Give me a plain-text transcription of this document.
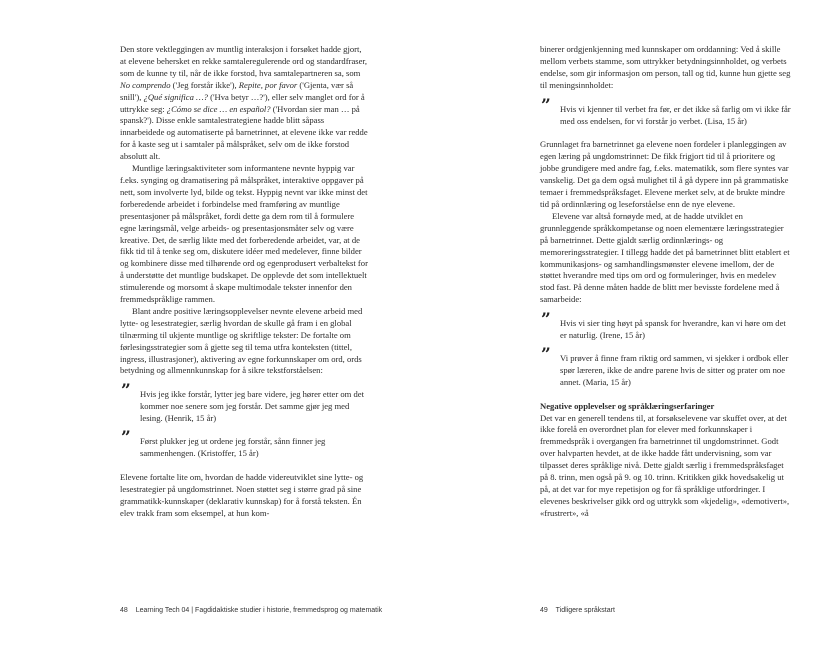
Den store vektleggingen av muntlig interaksjon i forsøket hadde gjort, at elevene behersket en rekke samtaleregulerende ord og standardfraser, som de kunne ty til, når de ikke forstod, hva samtalepartneren sa, som No comprendo ('Jeg forstår ikke'), Repite, por favor ('Gjenta, vær så snill'), ¿Qué significa …? ('Hva betyr …?'), eller selv manglet ord for å uttrykke seg: ¿Cómo se dice … en español? ('Hvordan sier man … på spansk?'). Disse enkle samtalestrategiene hadde blitt såpass innarbeidede og automatiserte på barnetrinnet, at elevene ikke var redde for å kaste seg ut i samtaler på målspråket, selv om de ikke forstod absolutt alt.

Muntlige læringsaktiviteter som informantene nevnte hyppig var f.eks. synging og dramatisering på målspråket, interaktive oppgaver på nett, som involverte lyd, bilde og tekst. Hyppig nevnt var ikke minst det forberedende arbeidet i forbindelse med framføring av muntlige presentasjoner på målspråket, fordi dette ga dem rom til å formulere egne læringsmål, velge arbeids- og presentasjonsmåter selv og være kreative. Det, de særlig likte med det forberedende arbeidet, var, at de fikk tid til å tenke seg om, diskutere idéer med medelever, finne bilder og kombinere disse med tilhørende ord og egenprodusert verbaltekst for å understøtte det muntlige budskapet. De opplevde det som intellektuelt stimulerende og morsomt å skape multimodale tekster innenfor den fremmedspråklige rammen.

Blant andre positive læringsopplevelser nevnte elevene arbeid med lytte- og lesestrategier, særlig hvordan de skulle gå fram i en global tilnærming til ukjente muntlige og skriftlige tekster: De fortalte om førlesingsstrategier som å gjette seg til tema utfra konteksten (tittel, ingress, illustrasjoner), aktivering av egne forkunnskaper om ord, ords betydning og allmennkunnskap for å sikre tekstforståelsen:

” Hvis jeg ikke forstår, lytter jeg bare videre, jeg hører etter om det kommer noe senere som jeg forstår. Det samme gjør jeg med lesing. (Henrik, 15 år)

” Først plukker jeg ut ordene jeg forstår, sånn finner jeg sammenhengen. (Kristoffer, 15 år)

Elevene fortalte lite om, hvordan de hadde videreutviklet sine lytte- og lesestrategier på ungdomstrinnet. Noen støttet seg i større grad på sine grammatikk-kunnskaper (deklarativ kunnskap) for å forstå teksten. Én elev trakk fram som eksempel, at hun kom-

48 Learning Tech 04 | Fagdidaktiske studier i historie, fremmedsprog og matematik

binerer ordgjenkjenning med kunnskaper om orddanning: Ved å skille mellom verbets stamme, som uttrykker betydningsinnholdet, og verbets endelse, som gir informasjon om person, tall og tid, kunne hun gjette seg til meningsinnholdet:

” Hvis vi kjenner til verbet fra før, er det ikke så farlig om vi ikke får med oss endelsen, for vi forstår jo verbet. (Lisa, 15 år)

Grunnlaget fra barnetrinnet ga elevene noen fordeler i planleggingen av egen læring på ungdomstrinnet: De fikk frigjort tid til å prioritere og jobbe grundigere med andre fag, f.eks. matematikk, som flere syntes var vanskelig. Det ga dem også mulighet til å gå dypere inn på grammatiske temaer i fremmedspråksfaget. Elevene merket selv, at de brukte mindre tid på ordinnlæring og leseforståelse enn de nye elevene.

Elevene var altså fornøyde med, at de hadde utviklet en grunnleggende språkkompetanse og noen elementære læringsstrategier på barnetrinnet. Dette gjaldt særlig ordinnlærings- og memoreringsstrategier. I tillegg hadde det på barnetrinnet blitt etablert et kommunikasjons- og samhandlingsmønster elevene imellom, der de støttet hverandre med tips om ord og formuleringer, hvis en medelev stod fast. På denne måten hadde de blitt mer bevisste fordelene med å samarbeide:

” Hvis vi sier ting høyt på spansk for hverandre, kan vi høre om det er naturlig. (Irene, 15 år)

” Vi prøver å finne fram riktig ord sammen, vi sjekker i ordbok eller spør læreren, ikke de andre parene hvis de sitter og prater om noe annet. (Maria, 15 år)

Negative opplevelser og språklæringserfaringer

Det var en generell tendens til, at forsøkselevene var skuffet over, at det ikke forelå en overordnet plan for elever med forkunnskaper i fremmedspråk i overgangen fra barnetrinnet til ungdomstrinnet. Godt over halvparten hevdet, at de ikke hadde fått undervisning, som var tilpasset deres språklige nivå. Dette gjaldt særlig i fremmedspråksfaget på 8. trinn, men også på 9. og 10. trinn. Kritikken gikk hovedsakelig ut på, at det var for mye repetisjon og for få språklige utfordringer. I elevenes beskrivelser gikk ord og uttrykk som «kjedelig», «demotivert», «frustrert», «å

49 Tidligere språkstart
